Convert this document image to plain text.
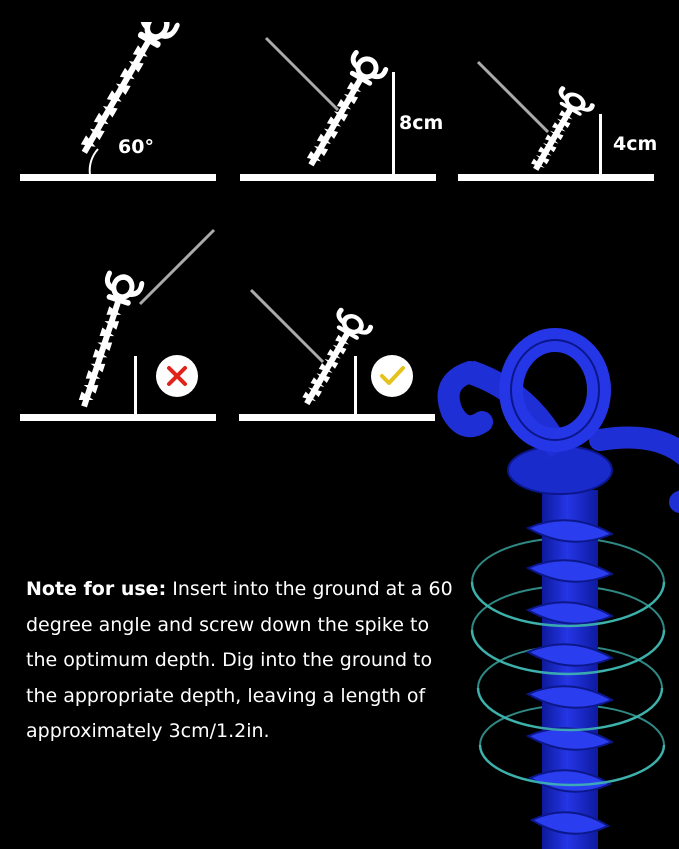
60°
8cm
4cm
Note for use: Insert into the ground at a 60 degree angle and screw down the spike to the optimum depth. Dig into the ground to the appropriate depth, leaving a length of approximately 3cm/1.2in.
